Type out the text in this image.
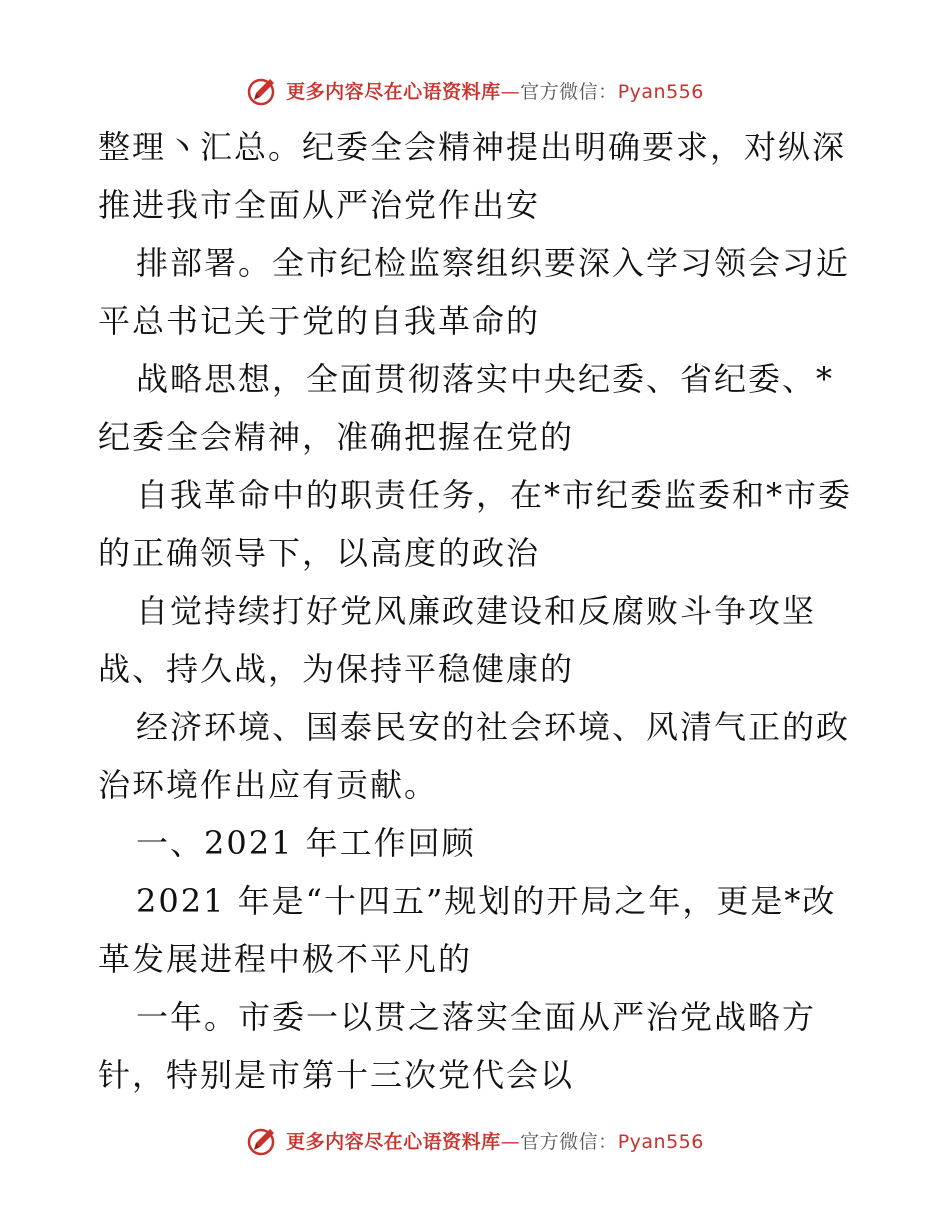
更多内容尽在心语资料库—官方微信：Pyan556
整理丶汇总。纪委全会精神提出明确要求，对纵深
推进我市全面从严治党作出安
排部署。全市纪检监察组织要深入学习领会习近
平总书记关于党的自我革命的
战略思想，全面贯彻落实中央纪委、省纪委、*
纪委全会精神，准确把握在党的
自我革命中的职责任务，在*市纪委监委和*市委
的正确领导下，以高度的政治
自觉持续打好党风廉政建设和反腐败斗争攻坚
战、持久战，为保持平稳健康的
经济环境、国泰民安的社会环境、风清气正的政
治环境作出应有贡献。
一、2021 年工作回顾
2021 年是“十四五”规划的开局之年，更是*改
革发展进程中极不平凡的
一年。市委一以贯之落实全面从严治党战略方
针，特别是市第十三次党代会以
更多内容尽在心语资料库—官方微信：Pyan556
